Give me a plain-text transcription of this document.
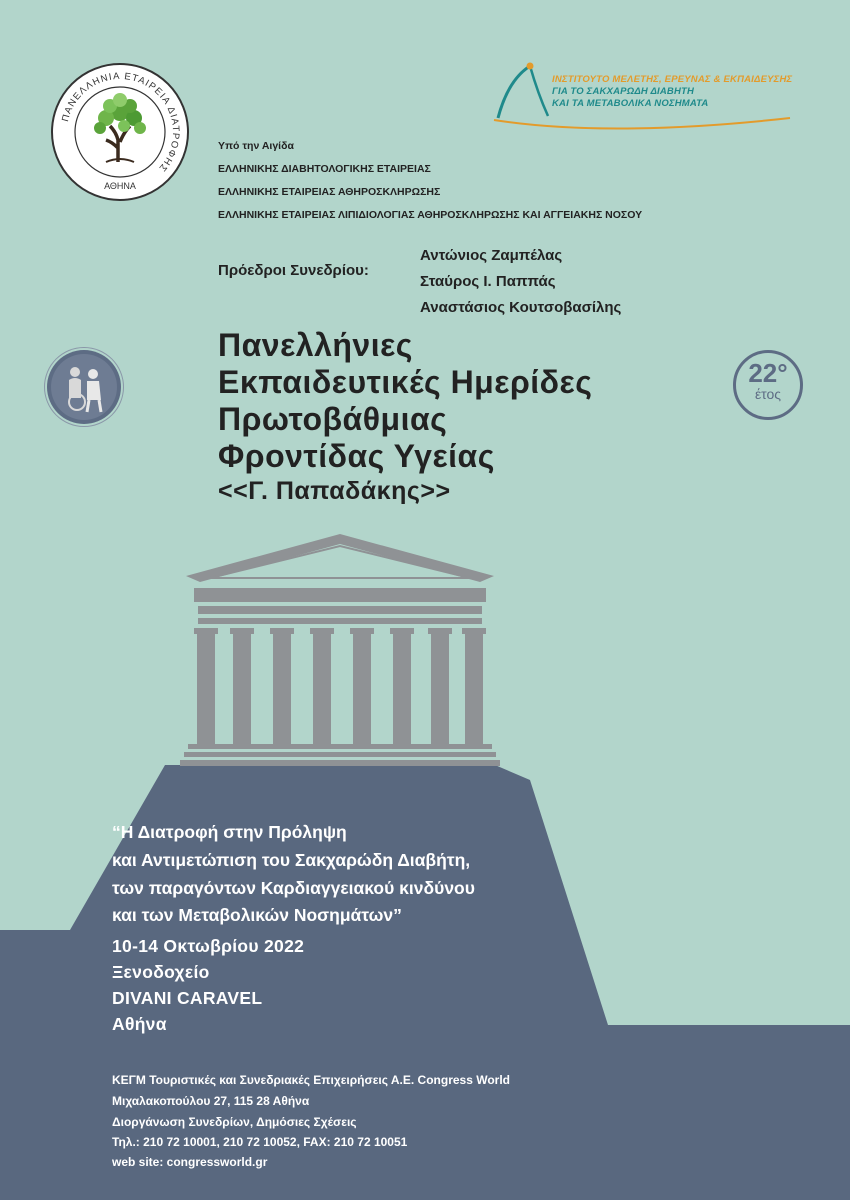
ΠΑΝΕΛΛΗΝΙΑ ΕΤΑΙΡΕΙΑ ΔΙΑΤΡΟΦΗΣ
ΑΘΗΝΑ
ΙΝΣΤΙΤΟΥΤΟ ΜΕΛΕΤΗΣ, ΕΡΕΥΝΑΣ & ΕΚΠΑΙΔΕΥΣΗΣ
ΓΙΑ ΤΟ ΣΑΚΧΑΡΩΔΗ ΔΙΑΒΗΤΗ
ΚΑΙ ΤΑ ΜΕΤΑΒΟΛΙΚΑ ΝΟΣΗΜΑΤΑ
Υπό την Αιγίδα
ΕΛΛΗΝΙΚΗΣ ΔΙΑΒΗΤΟΛΟΓΙΚΗΣ ΕΤΑΙΡΕΙΑΣ
ΕΛΛΗΝΙΚΗΣ ΕΤΑΙΡΕΙΑΣ ΑΘΗΡΟΣΚΛΗΡΩΣΗΣ
ΕΛΛΗΝΙΚΗΣ ΕΤΑΙΡΕΙΑΣ ΛΙΠΙΔΙΟΛΟΓΙΑΣ ΑΘΗΡΟΣΚΛΗΡΩΣΗΣ ΚΑΙ ΑΓΓΕΙΑΚΗΣ ΝΟΣΟΥ
Πρόεδροι Συνεδρίου:
Αντώνιος Ζαμπέλας
Σταύρος Ι. Παππάς
Αναστάσιος Κουτσοβασίλης
Πανελλήνιες
Εκπαιδευτικές Ημερίδες
Πρωτοβάθμιας
Φροντίδας Υγείας
<<Γ. Παπαδάκης>>
22°
έτος
“Η Διατροφή στην Πρόληψη
και Αντιμετώπιση του Σακχαρώδη Διαβήτη,
των παραγόντων Καρδιαγγειακού κινδύνου
και των Μεταβολικών Νοσημάτων”
10-14 Οκτωβρίου 2022
Ξενοδοχείο
DIVANI CARAVEL
Αθήνα
ΚΕΓΜ Τουριστικές και Συνεδριακές Επιχειρήσεις Α.Ε. Congress World
Μιχαλακοπούλου 27, 115 28 Αθήνα
Διοργάνωση Συνεδρίων, Δημόσιες Σχέσεις
Τηλ.: 210 72 10001, 210 72 10052, FAX: 210 72 10051
web site: congressworld.gr
